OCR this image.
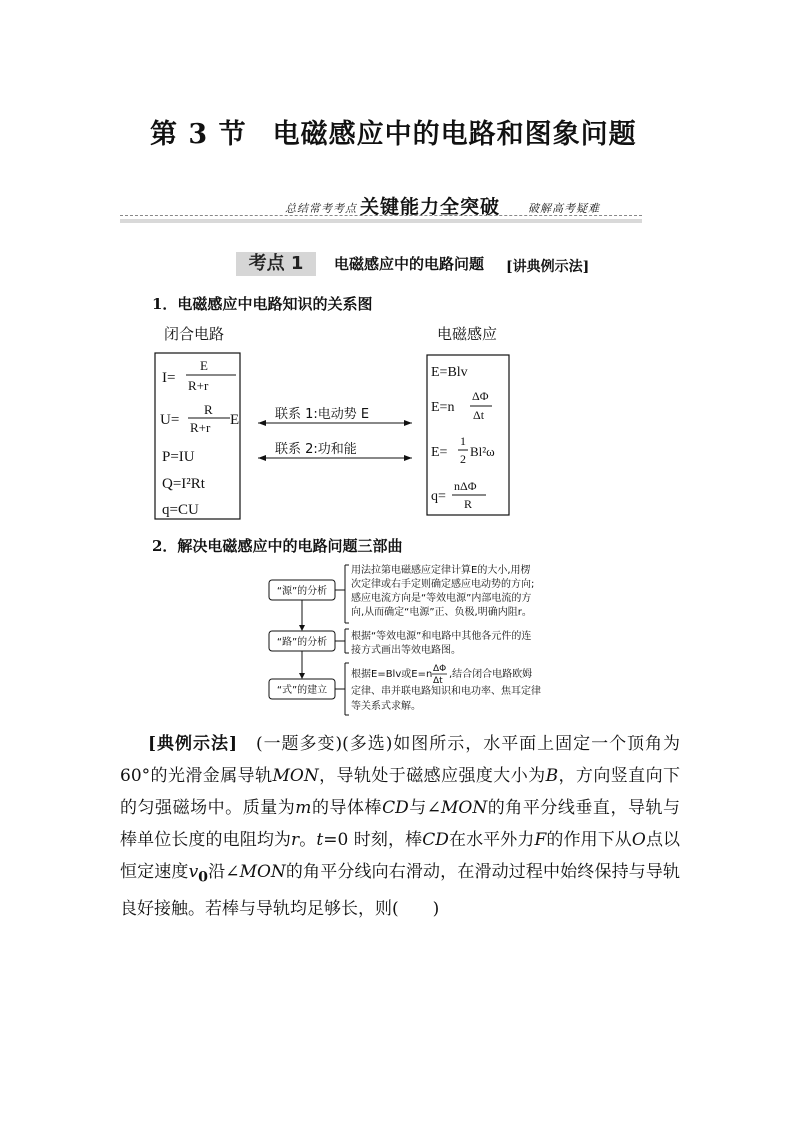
第 3 节 电磁感应中的电路和图象问题
总结常考考点 关键能力全突破	破解高考疑难
考点 1	电磁感应中的电路问题 [讲典例示法]
1．电磁感应中电路知识的关系图
闭合电路	电磁感应
I=
E
R+r
U=
R
R+r E
P=IU
Q=I²Rt
q=CU
联系 1:电动势 E
联系 2:功和能
E=Blv
E=n
ΔΦ
Δt
E=
1
2 Bl²ω
q=
nΔΦ
R
2．解决电磁感应中的电路问题三部曲
“源”的分析
用法拉第电磁感应定律计算E的大小,用楞
次定律或右手定则确定感应电动势的方向;
感应电流方向是“等效电源”内部电流的方
向,从而确定“电源”正、负极,明确内阻r。
“路”的分析
根据“等效电源”和电路中其他各元件的连
接方式画出等效电路图。
“式”的建立
根据E=Blv或E=n ΔΦ
Δt
,结合闭合电路欧姆
定律、串并联电路知识和电功率、焦耳定律
等关系式求解。
[典例示法]　 (一题多变)(多选)如图所示，水平面上固定一个顶角为 60°的光滑金属导轨MON，导轨处于磁感应强度大小为B，方向竖直向下的匀强磁场中。质量为m的导体棒CD与∠MON的角平分线垂直，导轨与棒单位长度的电阻均为r。t=0 时刻，棒CD在水平外力F的作用下从O点以恒定速度$v_0$沿∠MON的角平分线向右滑动，在滑动过程中始终保持与导轨良好接触。若棒与导轨均足够长，则(　　)
